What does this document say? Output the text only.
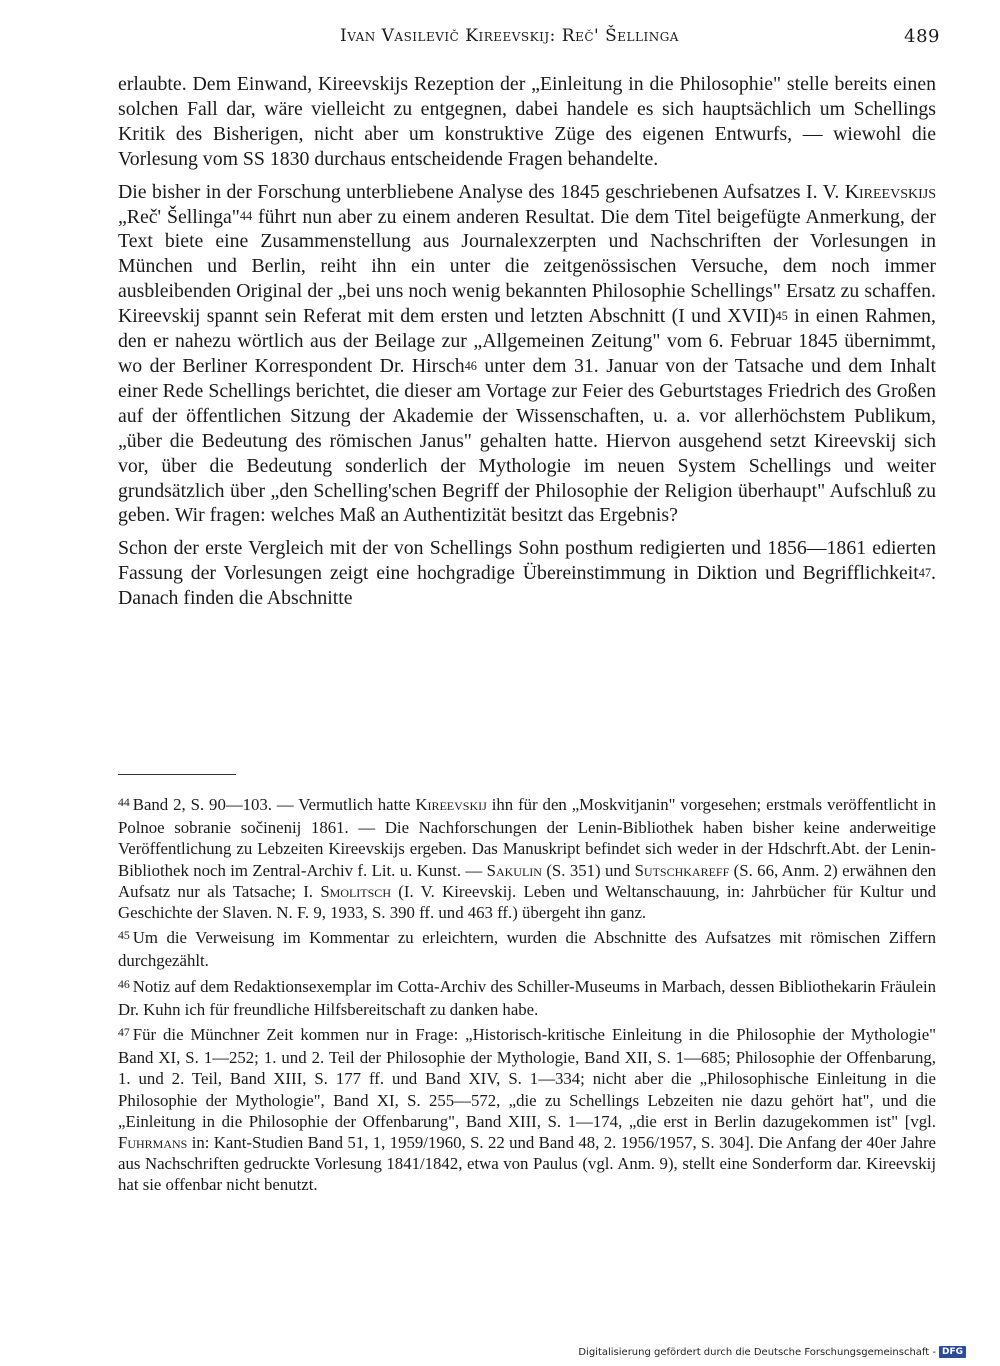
Ivan Vasilevič Kireevskij: Reč' Šellinga	489

erlaubte. Dem Einwand, Kireevskijs Rezeption der „Einleitung in die Philosophie" stelle bereits einen solchen Fall dar, wäre vielleicht zu entgegnen, dabei handele es sich hauptsächlich um Schellings Kritik des Bisherigen, nicht aber um konstruktive Züge des eigenen Entwurfs, — wiewohl die Vorlesung vom SS 1830 durchaus entscheidende Fragen behandelte.

Die bisher in der Forschung unterbliebene Analyse des 1845 geschriebenen Aufsatzes I. V. Kireevskijs „Reč' Šellinga"$^{44}$ führt nun aber zu einem anderen Resultat. Die dem Titel beigefügte Anmerkung, der Text biete eine Zusammenstellung aus Journalexzerpten und Nachschriften der Vorlesungen in München und Berlin, reiht ihn ein unter die zeitgenössischen Versuche, dem noch immer ausbleibenden Original der „bei uns noch wenig bekannten Philosophie Schellings" Ersatz zu schaffen. Kireevskij spannt sein Referat mit dem ersten und letzten Abschnitt (I und XVII)$^{45}$ in einen Rahmen, den er nahezu wörtlich aus der Beilage zur „Allgemeinen Zeitung" vom 6. Februar 1845 übernimmt, wo der Berliner Korrespondent Dr. Hirsch$^{46}$ unter dem 31. Januar von der Tatsache und dem Inhalt einer Rede Schellings berichtet, die dieser am Vortage zur Feier des Geburtstages Friedrich des Großen auf der öffentlichen Sitzung der Akademie der Wissenschaften, u. a. vor allerhöchstem Publikum, „über die Bedeutung des römischen Janus" gehalten hatte. Hiervon ausgehend setzt Kireevskij sich vor, über die Bedeutung sonderlich der Mythologie im neuen System Schellings und weiter grundsätzlich über „den Schelling'schen Begriff der Philosophie der Religion überhaupt" Aufschluß zu geben. Wir fragen: welches Maß an Authentizität besitzt das Ergebnis?

Schon der erste Vergleich mit der von Schellings Sohn posthum redigierten und 1856—1861 edierten Fassung der Vorlesungen zeigt eine hochgradige Übereinstimmung in Diktion und Begrifflichkeit$^{47}$. Danach finden die Abschnitte

$^{44}$ Band 2, S. 90—103. — Vermutlich hatte Kireevskij ihn für den „Moskvitjanin" vorgesehen; erstmals veröffentlicht in Polnoe sobranie sočinenij 1861. — Die Nachforschungen der Lenin-Bibliothek haben bisher keine anderweitige Veröffentlichung zu Lebzeiten Kireevskijs ergeben. Das Manuskript befindet sich weder in der Hdschrft.Abt. der Lenin-Bibliothek noch im Zentral-Archiv f. Lit. u. Kunst. — Sakulin (S. 351) und Sutschkareff (S. 66, Anm. 2) erwähnen den Aufsatz nur als Tatsache; I. Smolitsch (I. V. Kireevskij. Leben und Weltanschauung, in: Jahrbücher für Kultur und Geschichte der Slaven. N. F. 9, 1933, S. 390 ff. und 463 ff.) übergeht ihn ganz.

$^{45}$ Um die Verweisung im Kommentar zu erleichtern, wurden die Abschnitte des Aufsatzes mit römischen Ziffern durchgezählt.

$^{46}$ Notiz auf dem Redaktionsexemplar im Cotta-Archiv des Schiller-Museums in Marbach, dessen Bibliothekarin Fräulein Dr. Kuhn ich für freundliche Hilfsbereitschaft zu danken habe.

$^{47}$ Für die Münchner Zeit kommen nur in Frage: „Historisch-kritische Einleitung in die Philosophie der Mythologie" Band XI, S. 1—252; 1. und 2. Teil der Philosophie der Mythologie, Band XII, S. 1—685; Philosophie der Offenbarung, 1. und 2. Teil, Band XIII, S. 177 ff. und Band XIV, S. 1—334; nicht aber die „Philosophische Einleitung in die Philosophie der Mythologie", Band XI, S. 255—572, „die zu Schellings Lebzeiten nie dazu gehört hat", und die „Einleitung in die Philosophie der Offenbarung", Band XIII, S. 1—174, „die erst in Berlin dazugekommen ist" [vgl. Fuhrmans in: Kant-Studien Band 51, 1, 1959/1960, S. 22 und Band 48, 2. 1956/1957, S. 304]. Die Anfang der 40er Jahre aus Nachschriften gedruckte Vorlesung 1841/1842, etwa von Paulus (vgl. Anm. 9), stellt eine Sonderform dar. Kireevskij hat sie offenbar nicht benutzt.

Digitalisierung gefördert durch die Deutsche Forschungsgemeinschaft - DFG
